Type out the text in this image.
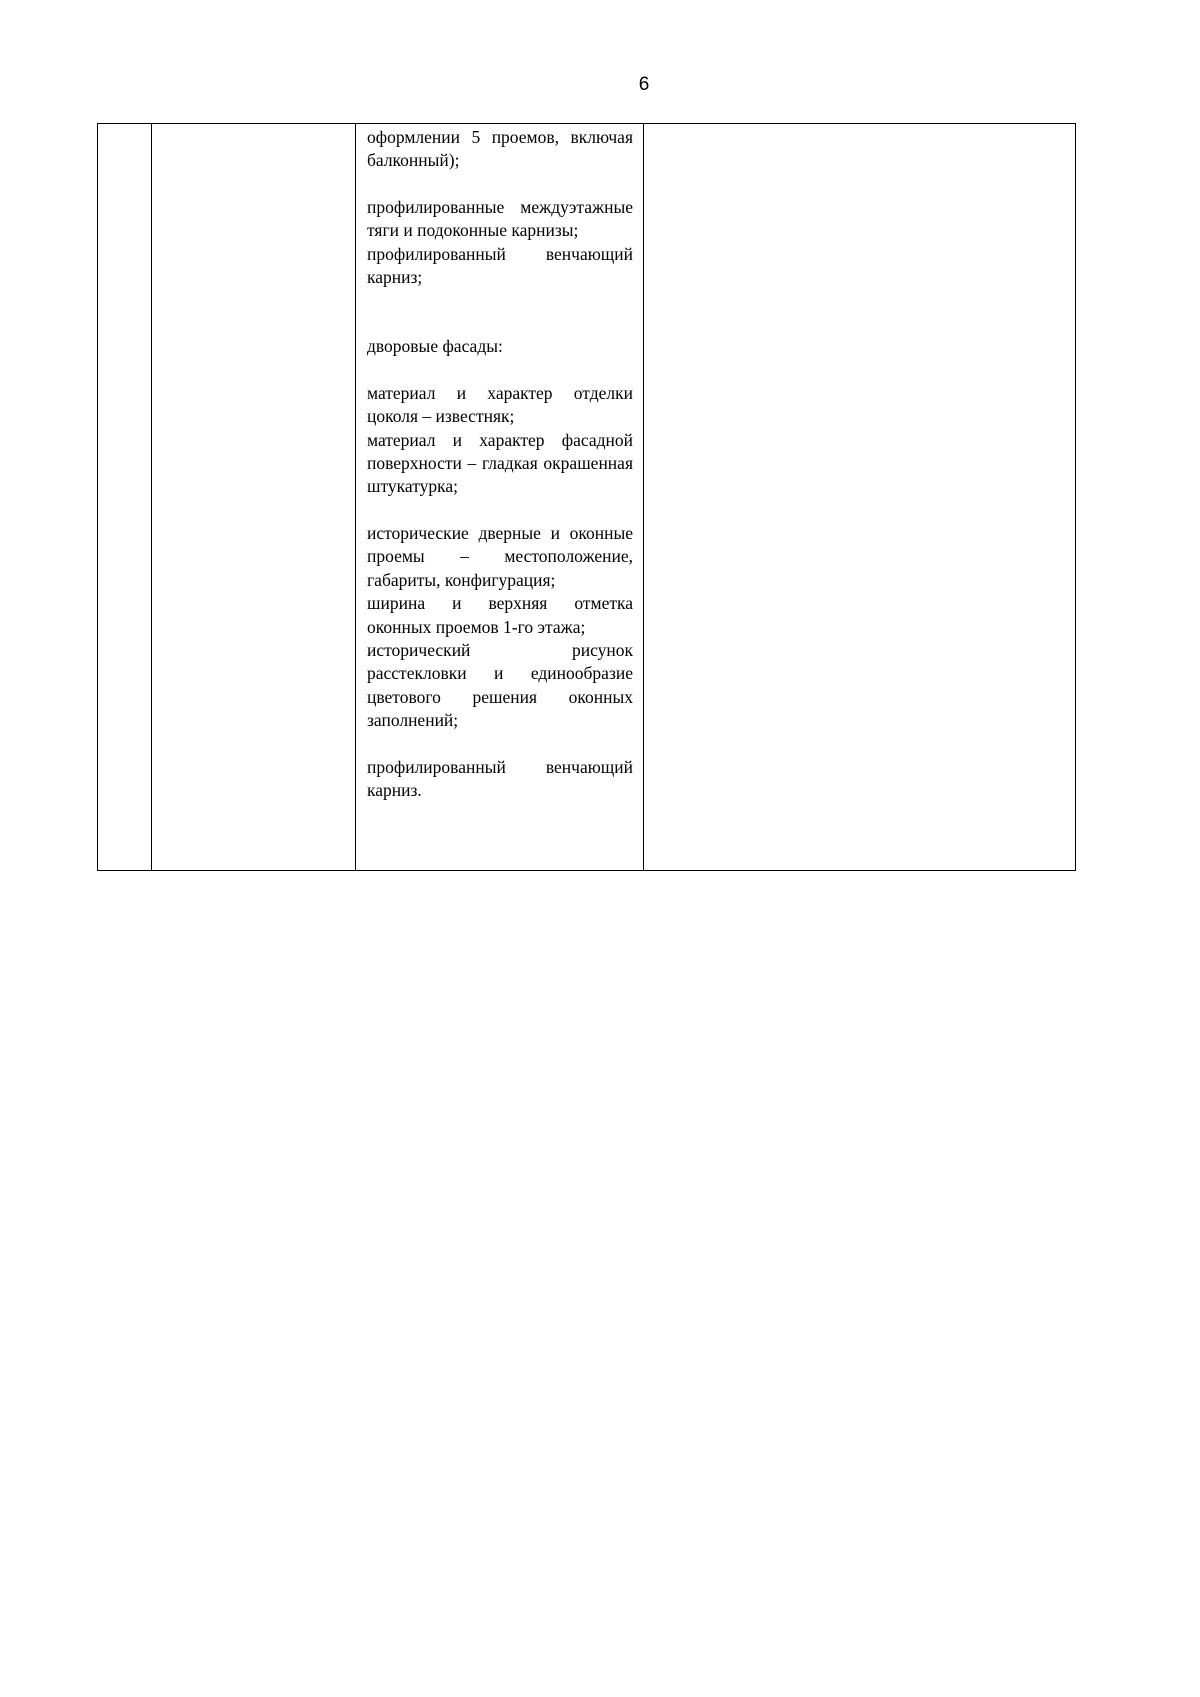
6

оформлении 5 проемов, включая балконный);

профилированные междуэтажные тяги и подоконные карнизы;

профилированный венчающий карниз;

дворовые фасады:

материал и характер отделки цоколя – известняк;

материал и характер фасадной поверхности – гладкая окрашенная штукатурка;

исторические дверные и оконные проемы – местоположение, габариты, конфигурация;

ширина и верхняя отметка оконных проемов 1-го этажа;

исторический рисунок расстекловки и единообразие цветового решения оконных заполнений;

профилированный венчающий карниз.
